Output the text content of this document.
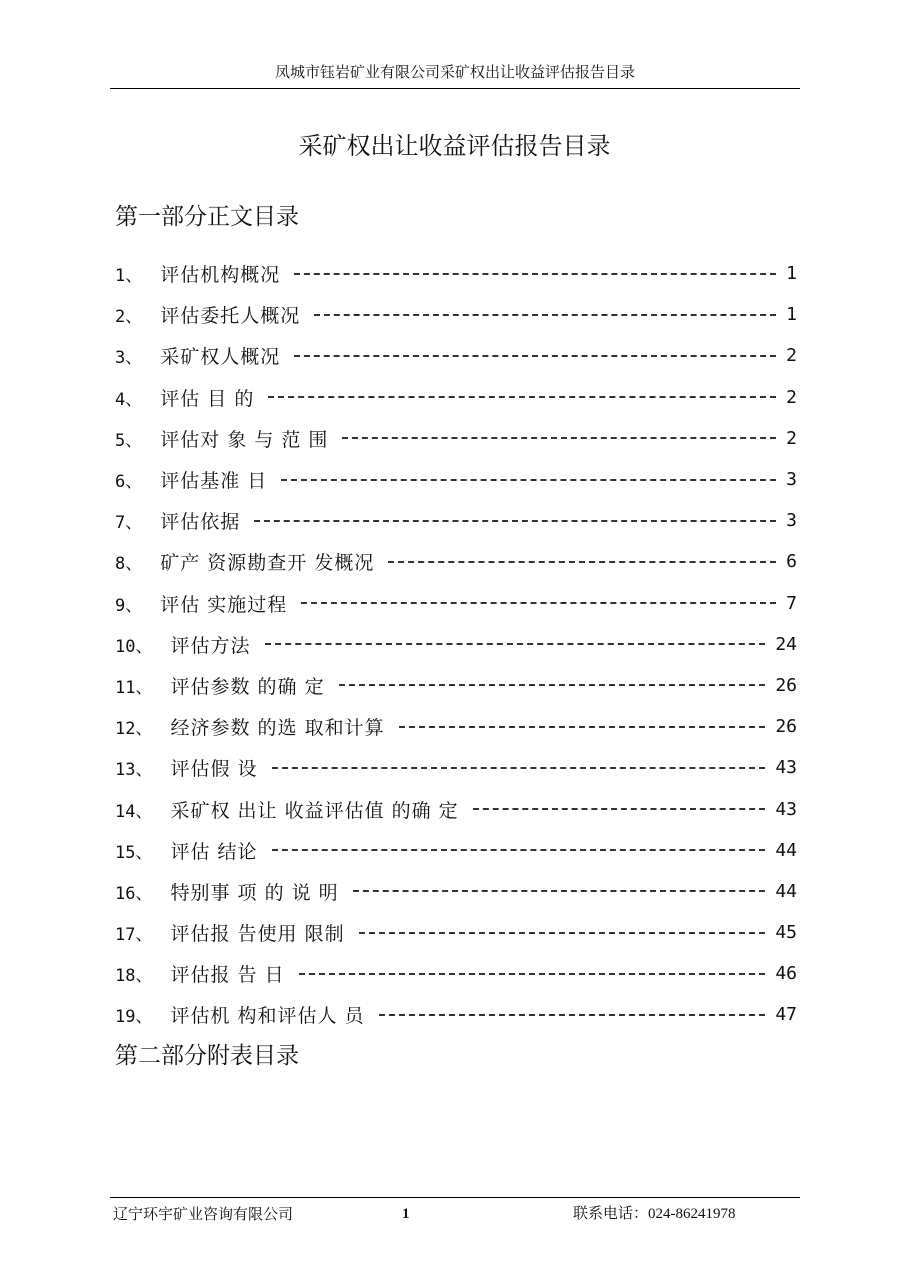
凤城市钰岩矿业有限公司采矿权出让收益评估报告目录
采矿权出让收益评估报告目录
第一部分正文目录
1、 评估机构概况	1
2、 评估委托人概况	1
3、 采矿权人概况	2
4、 评估 目 的	2
5、 评估对 象 与 范 围	2
6、 评估基准 日	3
7、 评估依据	3
8、 矿产 资源勘查开 发概况	6
9、 评估 实施过程	7
10、 评估方法	24
11、 评估参数 的确 定	26
12、 经济参数 的选 取和计算	26
13、 评估假 设	43
14、 采矿权 出让 收益评估值 的确 定	43
15、 评估 结论	44
16、 特别事 项 的 说 明	44
17、 评估报 告使用 限制	45
18、 评估报 告 日	46
19、 评估机 构和评估人 员	47
第二部分附表目录
辽宁环宇矿业咨询有限公司	1	联系电话：024-86241978
